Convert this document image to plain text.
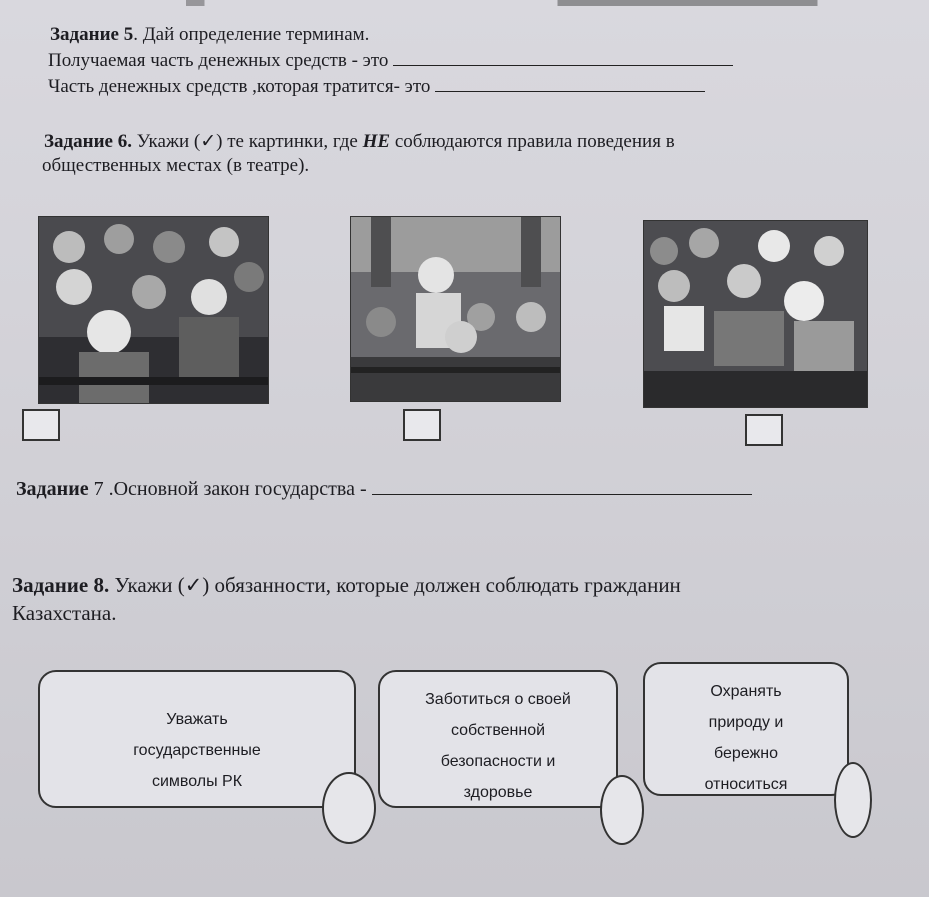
Задание 5. Дай определение терминам.
Получаемая часть денежных средств - это
Часть денежных средств ,которая тратится- это
Задание 6. Укажи (✓) те картинки, где НЕ соблюдаются правила поведения в
общественных местах (в театре).
Задание 7 .Основной закон государства -
Задание 8. Укажи (✓) обязанности, которые должен соблюдать гражданин
Казахстана.
Уважать
государственные
символы РК
Заботиться о своей
собственной
безопасности и
здоровье
Охранять
природу и
бережно
относиться
